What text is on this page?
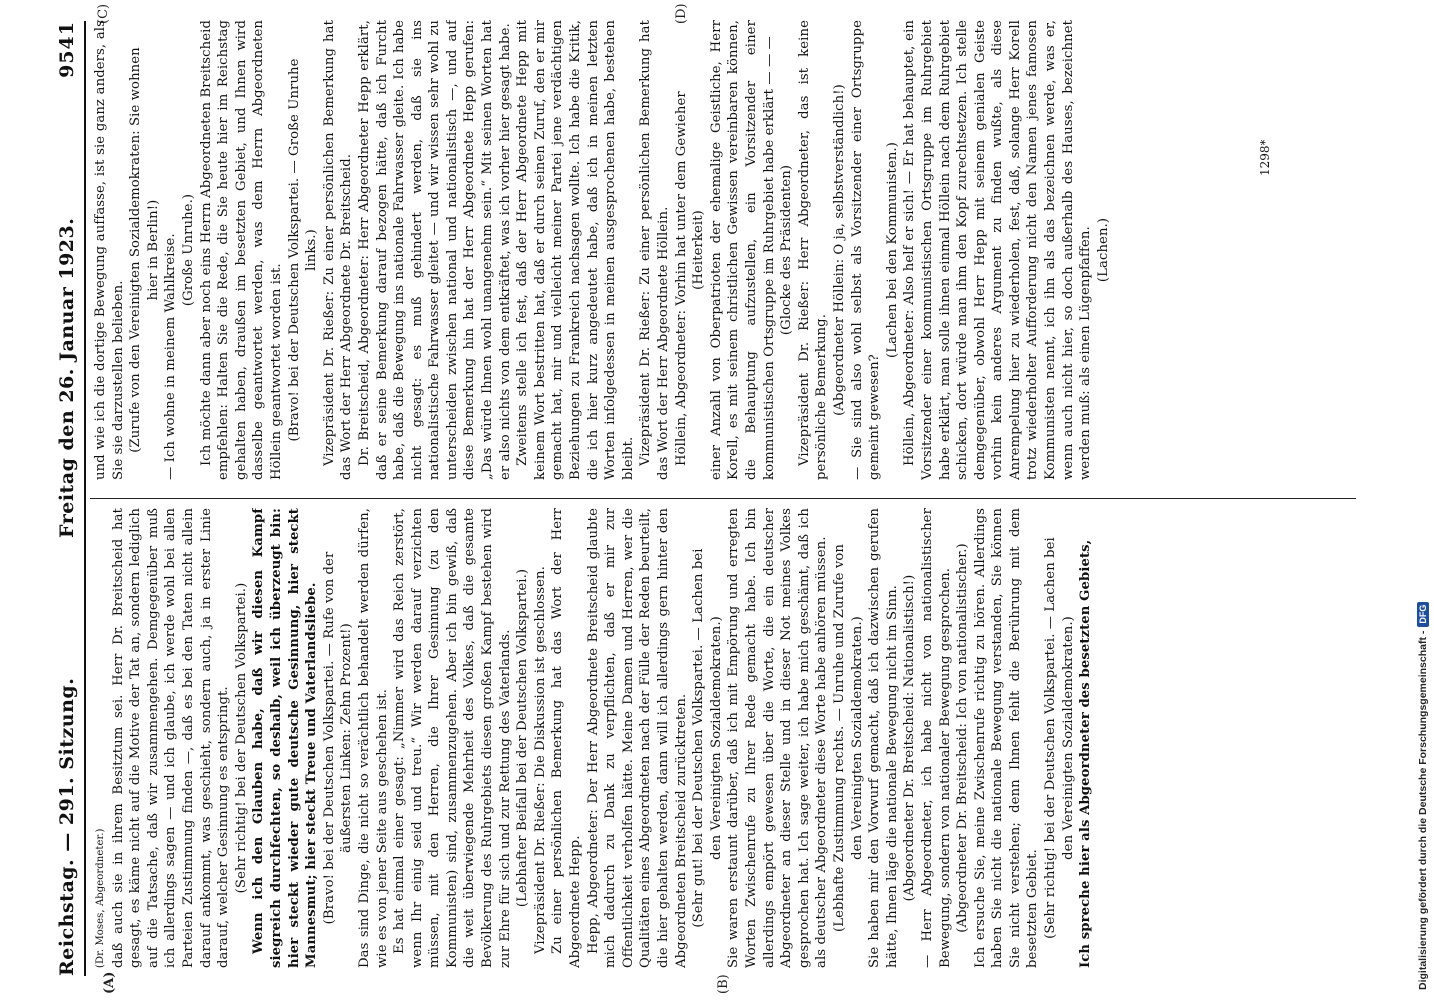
Reichstag. — 291. Sitzung.
Freitag den 26. Januar 1923.
9541
(A)	(B)
(C)	(D)

(Dr. Moses, Abgeordneter.) daß auch sie in ihrem Besitztum sei. Herr Dr. Breitscheid hat gesagt, es käme nicht auf die Motive der Tat an, sondern lediglich auf die Tatsache, daß wir zusammengehen. Demgegenüber muß ich allerdings sagen — und ich glaube, ich werde wohl bei allen Parteien Zustimmung finden —, daß es bei den Taten nicht allein darauf ankommt, was geschieht, sondern auch, ja in erster Linie darauf, welcher Gesinnung es entspringt. (Sehr richtig! bei der Deutschen Volkspartei.) Wenn ich den Glauben habe, daß wir diesen Kampf siegreich durchfechten, so deshalb, weil ich überzeugt bin: hier steckt wieder gute deutsche Gesinnung, hier steckt Mannesmut; hier steckt Treue und Vaterlandsliebe. (Bravo! bei der Deutschen Volkspartei. — Rufe von der äußersten Linken: Zehn Prozent!) Das sind Dinge, die nicht so verächtlich behandelt werden dürfen, wie es von jener Seite aus geschehen ist. Es hat einmal einer gesagt: „Nimmer wird das Reich zerstört, wenn Ihr einig seid und treu.“ Wir werden darauf verzichten müssen, mit den Herren, die Ihrer Gesinnung (zu den Kommunisten) sind, zusammenzugehen. Aber ich bin gewiß, daß die weit überwiegende Mehrheit des Volkes, daß die gesamte Bevölkerung des Ruhrgebiets diesen großen Kampf bestehen wird zur Ehre für sich und zur Rettung des Vaterlands. (Lebhafter Beifall bei der Deutschen Volkspartei.) Vizepräsident Dr. Rießer: Die Diskussion ist geschlossen. Zu einer persönlichen Bemerkung hat das Wort der Herr Abgeordnete Hepp. Hepp, Abgeordneter: Der Herr Abgeordnete Breitscheid glaubte mich dadurch zu Dank zu verpflichten, daß er mir zur Offentlichkeit verholfen hätte. Meine Damen und Herren, wer die Qualitäten eines Abgeordneten nach der Fülle der Reden beurteilt, die hier gehalten werden, dann will ich allerdings gern hinter den Abgeordneten Breitscheid zurücktreten. (Sehr gut! bei der Deutschen Volkspartei. — Lachen bei den Vereinigten Sozialdemokraten.) Sie waren erstaunt darüber, daß ich mit Empörung und erregten Worten Zwischenrufe zu Ihrer Rede gemacht habe. Ich bin allerdings empört gewesen über die Worte, die ein deutscher Abgeordneter an dieser Stelle und in dieser Not meines Volkes gesprochen hat. Ich sage weiter, ich habe mich geschämt, daß ich als deutscher Abgeordneter diese Worte habe anhören müssen. (Lebhafte Zustimmung rechts. — Unruhe und Zurufe von den Vereinigten Sozialdemokraten.) Sie haben mir den Vorwurf gemacht, daß ich dazwischen gerufen hätte, Ihnen läge die nationale Bewegung nicht im Sinn. (Abgeordneter Dr. Breitscheid: Nationalistisch!) — Herr Abgeordneter, ich habe nicht von nationalistischer Bewegung, sondern von nationaler Bewegung gesprochen. (Abgeordneter Dr. Breitscheid: Ich von nationalistischer.) Ich ersuche Sie, meine Zwischenrufe richtig zu hören. Allerdings haben Sie nicht die nationale Bewegung verstanden, Sie können Sie nicht verstehen; denn Ihnen fehlt die Berührung mit dem besetzten Gebiet. (Sehr richtig! bei der Deutschen Volkspartei. — Lachen bei den Vereinigten Sozialdemokraten.) Ich spreche hier als Abgeordneter des besetzten Gebiets,

und wie ich die dortige Bewegung auffasse, ist sie ganz anders, als Sie sie darzustellen belieben. (Zurufe von den Vereinigten Sozialdemokraten: Sie wohnen hier in Berlin!) — Ich wohne in meinem Wahlkreise. (Große Unruhe.) Ich möchte dann aber noch eins Herrn Abgeordneten Breitscheid empfehlen: Halten Sie die Rede, die Sie heute hier im Reichstag gehalten haben, draußen im besetzten Gebiet, und Ihnen wird dasselbe geantwortet werden, was dem Herrn Abgeordneten Höllein geantwortet worden ist. (Bravo! bei der Deutschen Volkspartei. — Große Unruhe links.) Vizepräsident Dr. Rießer: Zu einer persönlichen Bemerkung hat das Wort der Herr Abgeordnete Dr. Breitscheid. Dr. Breitscheid, Abgeordneter: Herr Abgeordneter Hepp erklärt, daß er seine Bemerkung darauf bezogen hätte, daß ich Furcht habe, daß die Bewegung ins nationale Fahrwasser gleite. Ich habe nicht gesagt: es muß gehindert werden, daß sie ins nationalistische Fahrwasser gleitet — und wir wissen sehr wohl zu unterscheiden zwischen national und nationalistisch —, und auf diese Bemerkung hin hat der Herr Abgeordnete Hepp gerufen: „Das würde Ihnen wohl unangenehm sein.“ Mit seinen Worten hat er also nichts von dem entkräftet, was ich vorher hier gesagt habe. Zweitens stelle ich fest, daß der Herr Abgeordnete Hepp mit keinem Wort bestritten hat, daß er durch seinen Zuruf, den er mir gemacht hat, mir und vielleicht meiner Partei jene verdächtigen Beziehungen zu Frankreich nachsagen wollte. Ich habe die Kritik, die ich hier kurz angedeutet habe, daß ich in meinen letzten Worten infolgedessen in meinen ausgesprochenen habe, bestehen bleibt. Vizepräsident Dr. Rießer: Zu einer persönlichen Bemerkung hat das Wort der Herr Abgeordnete Höllein. Höllein, Abgeordneter: Vorhin hat unter dem Gewieher (Heiterkeit) einer Anzahl von Oberpatrioten der ehemalige Geistliche, Herr Korell, es mit seinem christlichen Gewissen vereinbaren können, die Behauptung aufzustellen, ein Vorsitzender einer kommunistischen Ortsgruppe im Ruhrgebiet habe erklärt — — — (Glocke des Präsidenten) Vizepräsident Dr. Rießer: Herr Abgeordneter, das ist keine persönliche Bemerkung. (Abgeordneter Höllein: O ja, selbstverständlich!) — Sie sind also wohl selbst als Vorsitzender einer Ortsgruppe gemeint gewesen?

(Lachen bei den Kommunisten.) Höllein, Abgeordneter: Also helf er sich! — Er hat behauptet, ein Vorsitzender einer kommunistischen Ortsgruppe im Ruhrgebiet habe erklärt, man solle ihnen einmal Höllein nach dem Ruhrgebiet schicken, dort würde man ihm den Kopf zurechtsetzen. Ich stelle demgegenüber, obwohl Herr Hepp mit seinem genialen Geiste vorhin kein anderes Argument zu finden wußte, als diese Anrempelung hier zu wiederholen, fest, daß, solange Herr Korell trotz wiederholter Aufforderung nicht den Namen jenes famosen Kommunisten nennt, ich ihn als das bezeichnen werde, was er, wenn auch nicht hier, so doch außerhalb des Hauses, bezeichnet werden muß: als einen Lügenpfaffen. (Lachen.)

1298*
Digitalisierung gefördert durch die Deutsche Forschungsgemeinschaft -
DFG
